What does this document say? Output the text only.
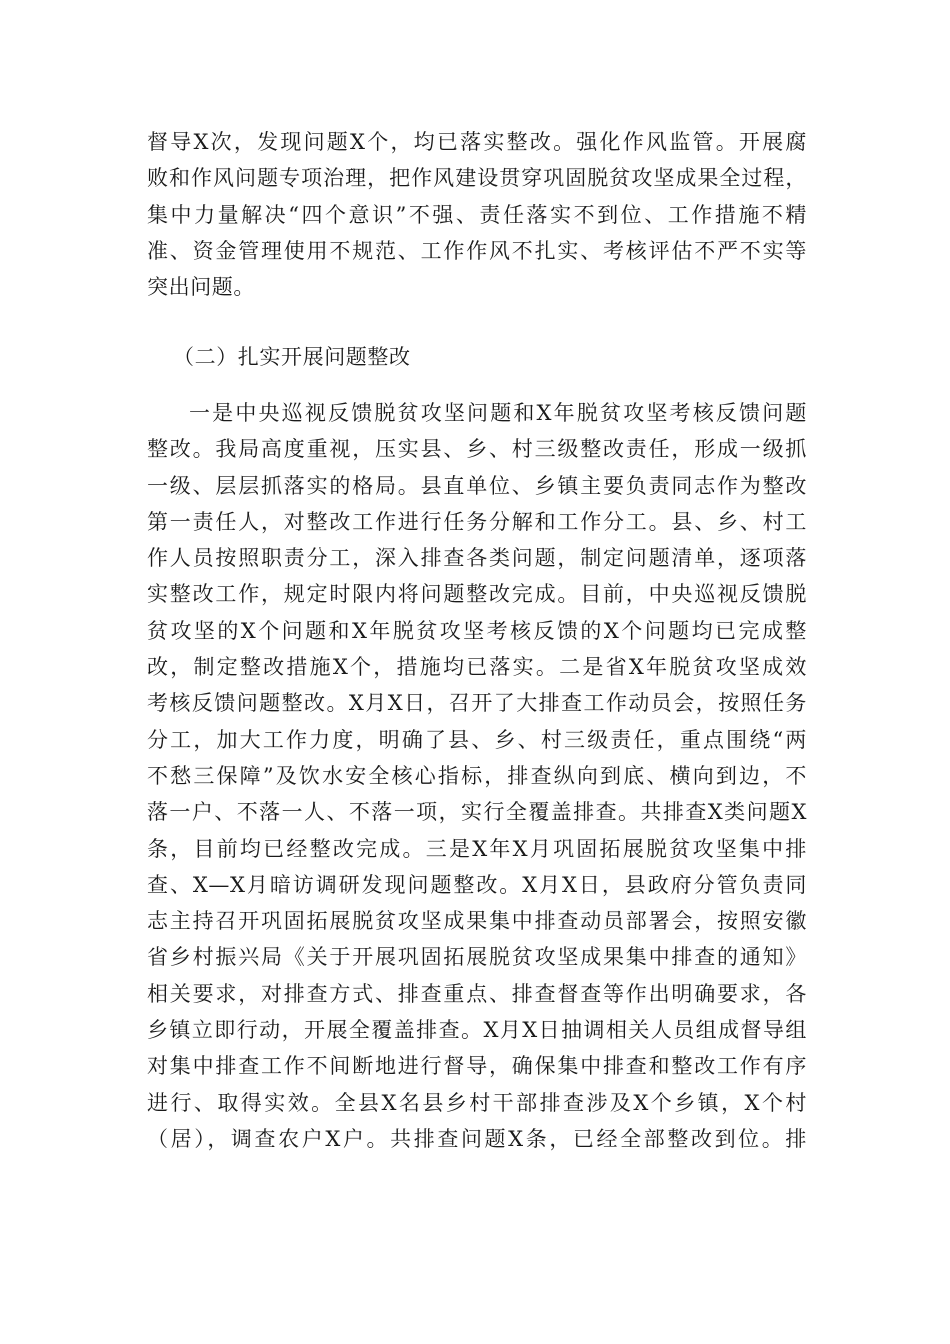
督导X次，发现问题X个，均已落实整改。强化作风监管。开展腐
败和作风问题专项治理，把作风建设贯穿巩固脱贫攻坚成果全过程，
集中力量解决“四个意识”不强、责任落实不到位、工作措施不精
准、资金管理使用不规范、工作作风不扎实、考核评估不严不实等
突出问题。
（二）扎实开展问题整改
一是中央巡视反馈脱贫攻坚问题和X年脱贫攻坚考核反馈问题
整改。我局高度重视，压实县、乡、村三级整改责任，形成一级抓
一级、层层抓落实的格局。县直单位、乡镇主要负责同志作为整改
第一责任人，对整改工作进行任务分解和工作分工。县、乡、村工
作人员按照职责分工，深入排查各类问题，制定问题清单，逐项落
实整改工作，规定时限内将问题整改完成。目前，中央巡视反馈脱
贫攻坚的X个问题和X年脱贫攻坚考核反馈的X个问题均已完成整
改，制定整改措施X个，措施均已落实。二是省X年脱贫攻坚成效
考核反馈问题整改。X月X日，召开了大排查工作动员会，按照任务
分工，加大工作力度，明确了县、乡、村三级责任，重点围绕“两
不愁三保障”及饮水安全核心指标，排查纵向到底、横向到边，不
落一户、不落一人、不落一项，实行全覆盖排查。共排查X类问题X
条，目前均已经整改完成。三是X年X月巩固拓展脱贫攻坚集中排
查、X—X月暗访调研发现问题整改。X月X日，县政府分管负责同
志主持召开巩固拓展脱贫攻坚成果集中排查动员部署会，按照安徽
省乡村振兴局《关于开展巩固拓展脱贫攻坚成果集中排查的通知》
相关要求，对排查方式、排查重点、排查督查等作出明确要求，各
乡镇立即行动，开展全覆盖排查。X月X日抽调相关人员组成督导组
对集中排查工作不间断地进行督导，确保集中排查和整改工作有序
进行、取得实效。全县X名县乡村干部排查涉及X个乡镇，X个村
（居），调查农户X户。共排查问题X条，已经全部整改到位。排
